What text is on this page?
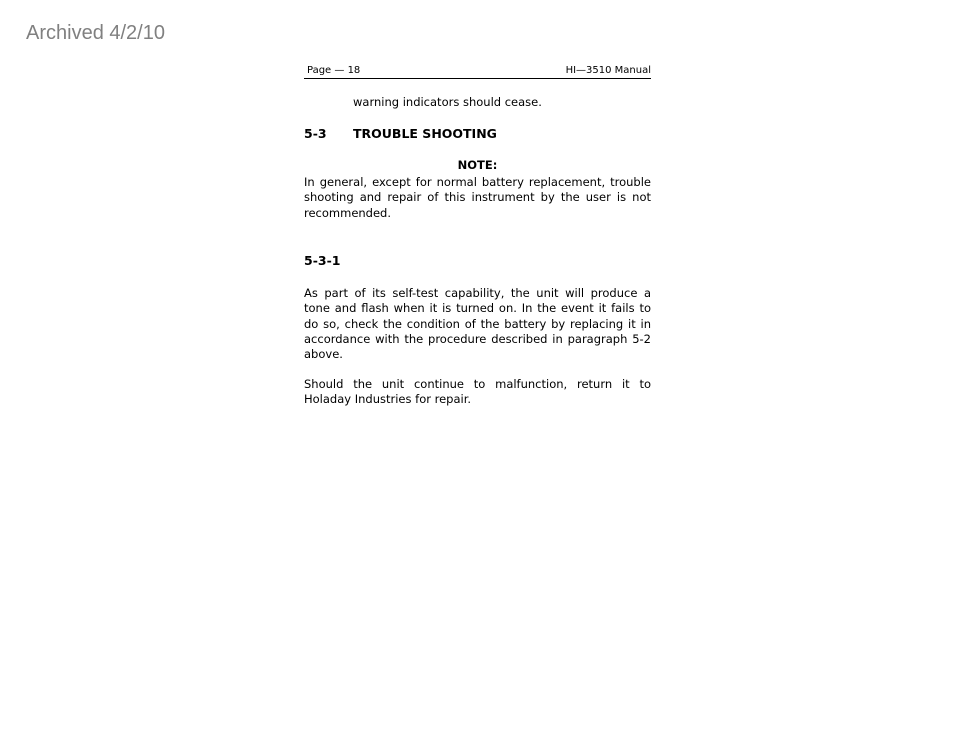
Archived 4/2/10
Page — 18	HI—3510 Manual
warning indicators should cease.
5-3 TROUBLE SHOOTING
NOTE:

In general, except for normal battery replacement, trouble shooting and repair of this instrument by the user is not recommended.

5-3-1

As part of its self-test capability, the unit will produce a tone and flash when it is turned on. In the event it fails to do so, check the condition of the battery by replacing it in accordance with the procedure described in paragraph 5-2 above.

Should the unit continue to malfunction, return it to Holaday Industries for repair.
